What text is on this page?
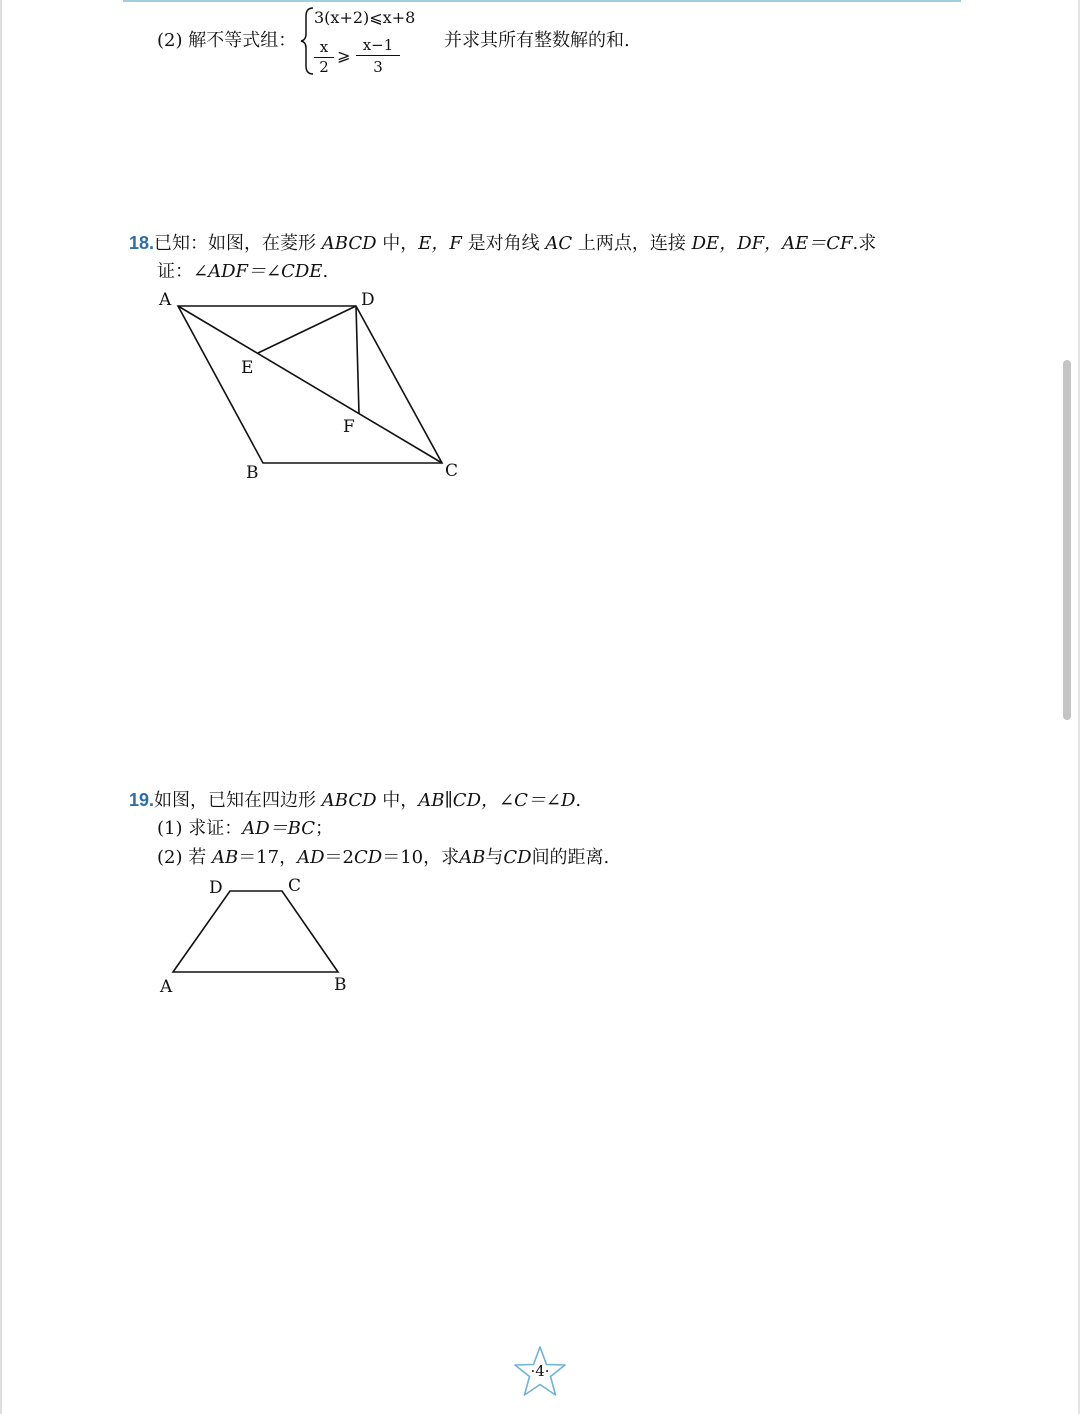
(2) 解不等式组：
3(x+2)⩽x+8
x
2
⩾
x−1
3
并求其所有整数解的和.
18.已知：如图，在菱形 ABCD 中，E，F 是对角线 AC 上两点，连接 DE，DF，AE＝CF.求
证：∠ADF＝∠CDE.
A	D
E
F
B	C
19.如图，已知在四边形 ABCD 中，AB∥CD，∠C＝∠D.
(1) 求证：AD＝BC；
(2) 若 AB＝17，AD＝2CD＝10，求AB与CD间的距离.
D	C
A	B
·4·
